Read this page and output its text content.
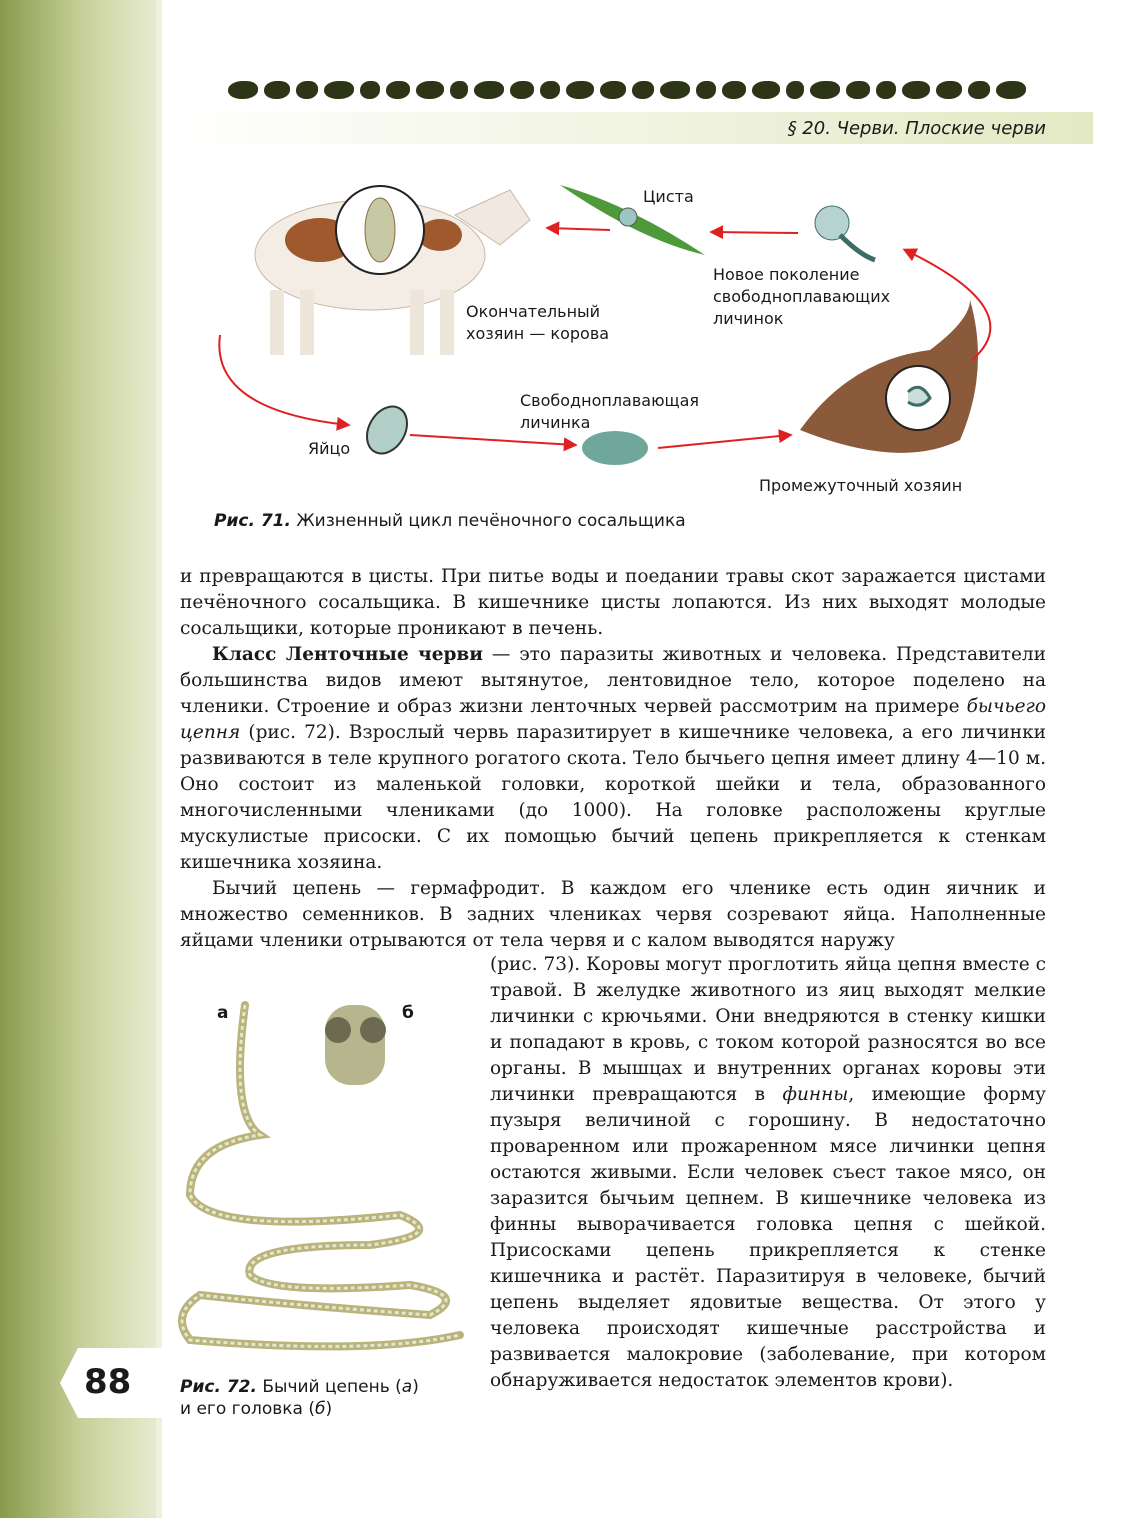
§ 20. Черви. Плоские черви
Циста
Новое поколение
свободноплавающих
личинок
Окончательный
хозяин — корова
Свободноплавающая
личинка
Яйцо
Промежуточный хозяин
Рис. 71. Жизненный цикл печёночного сосальщика

и превращаются в цисты. При питье воды и поедании травы скот заражается цистами печёночного сосальщика. В кишечнике цисты лопаются. Из них выходят молодые сосальщики, которые проникают в печень.

Класс Ленточные черви — это паразиты животных и человека. Представители большинства видов имеют вытянутое, лентовидное тело, которое поделено на членики. Строение и образ жизни ленточных червей рассмотрим на примере бычьего цепня (рис. 72). Взрослый червь паразитирует в кишечнике человека, а его личинки развиваются в теле крупного рогатого скота. Тело бычьего цепня имеет длину 4—10 м. Оно состоит из маленькой головки, короткой шейки и тела, образованного многочисленными члениками (до 1000). На головке расположены круглые мускулистые присоски. С их помощью бычий цепень прикрепляется к стенкам кишечника хозяина.

Бычий цепень — гермафродит. В каждом его членике есть один яичник и множество семенников. В задних члениках червя созревают яйца. Наполненные яйцами членики отрываются от тела червя и с калом выводятся наружу

а	б
Рис. 72. Бычий цепень (а)
и его головка (б)

(рис. 73). Коровы могут проглотить яйца цепня вместе с травой. В желудке животного из яиц выходят мелкие личинки с крючьями. Они внедряются в стенку кишки и попадают в кровь, с током которой разносятся во все органы. В мышцах и внутренних органах коровы эти личинки превращаются в финны, имеющие форму пузыря величиной с горошину. В недостаточно проваренном или прожаренном мясе личинки цепня остаются живыми. Если человек съест такое мясо, он заразится бычьим цепнем. В кишечнике человека из финны выворачивается головка цепня с шейкой. Присосками цепень прикрепляется к стенке кишечника и растёт. Паразитируя в человеке, бычий цепень выделяет ядовитые вещества. От этого у человека происходят кишечные расстройства и развивается малокровие (заболевание, при котором обнаруживается недостаток элементов крови).

88
